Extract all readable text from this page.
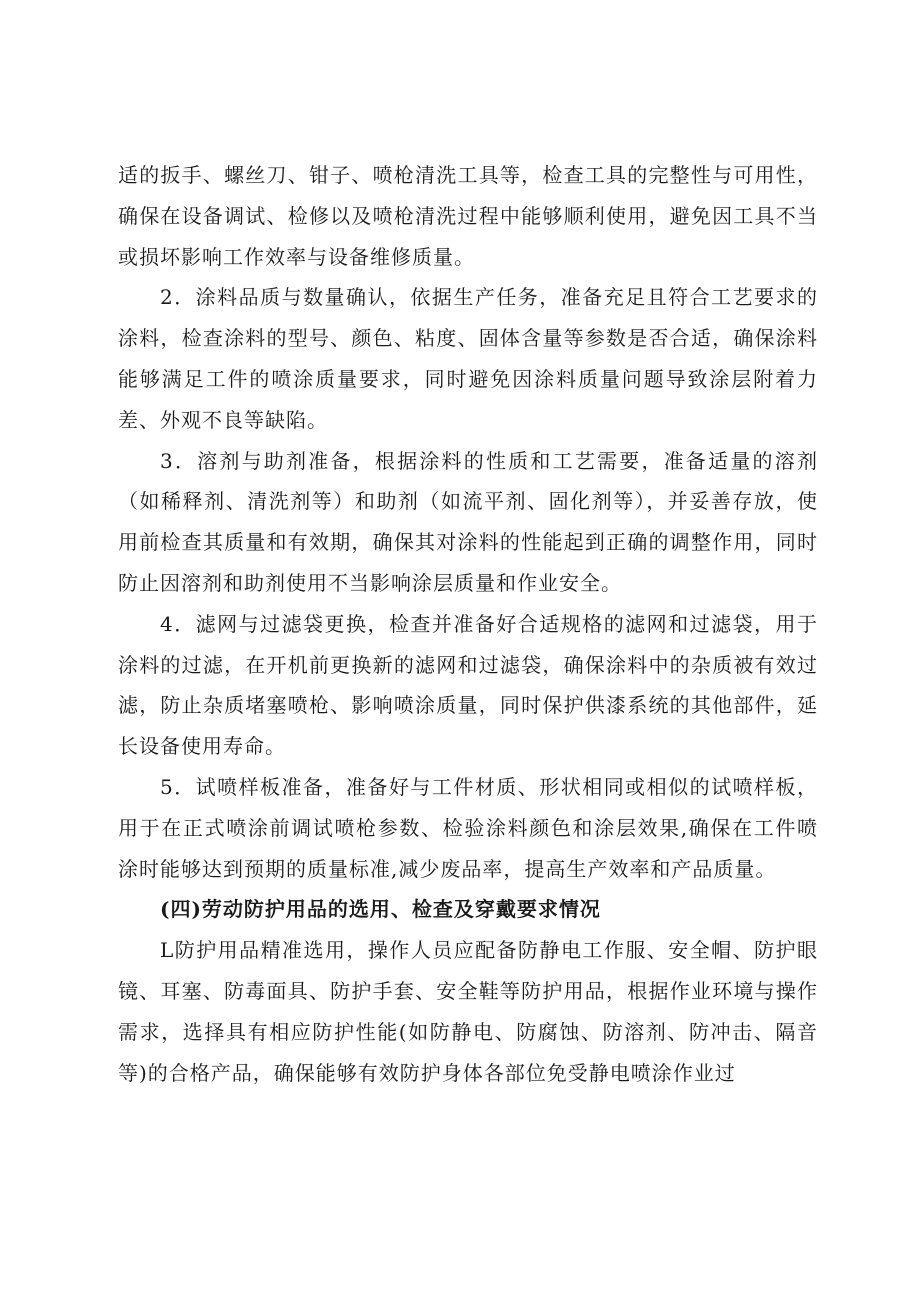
适的扳手、螺丝刀、钳子、喷枪清洗工具等，检查工具的完整性与可用性，确保在设备调试、检修以及喷枪清洗过程中能够顺利使用，避免因工具不当或损坏影响工作效率与设备维修质量。

2．涂料品质与数量确认，依据生产任务，准备充足且符合工艺要求的涂料，检查涂料的型号、颜色、粘度、固体含量等参数是否合适，确保涂料能够满足工件的喷涂质量要求，同时避免因涂料质量问题导致涂层附着力差、外观不良等缺陷。

3．溶剂与助剂准备，根据涂料的性质和工艺需要，准备适量的溶剂（如稀释剂、清洗剂等）和助剂（如流平剂、固化剂等），并妥善存放，使用前检查其质量和有效期，确保其对涂料的性能起到正确的调整作用，同时防止因溶剂和助剂使用不当影响涂层质量和作业安全。

4．滤网与过滤袋更换，检查并准备好合适规格的滤网和过滤袋，用于涂料的过滤，在开机前更换新的滤网和过滤袋，确保涂料中的杂质被有效过滤，防止杂质堵塞喷枪、影响喷涂质量，同时保护供漆系统的其他部件，延长设备使用寿命。

5．试喷样板准备，准备好与工件材质、形状相同或相似的试喷样板，用于在正式喷涂前调试喷枪参数、检验涂料颜色和涂层效果,确保在工件喷涂时能够达到预期的质量标准,减少废品率，提高生产效率和产品质量。

(四)劳动防护用品的选用、检查及穿戴要求情况

L防护用品精准选用，操作人员应配备防静电工作服、安全帽、防护眼镜、耳塞、防毒面具、防护手套、安全鞋等防护用品，根据作业环境与操作需求，选择具有相应防护性能(如防静电、防腐蚀、防溶剂、防冲击、隔音等)的合格产品，确保能够有效防护身体各部位免受静电喷涂作业过
